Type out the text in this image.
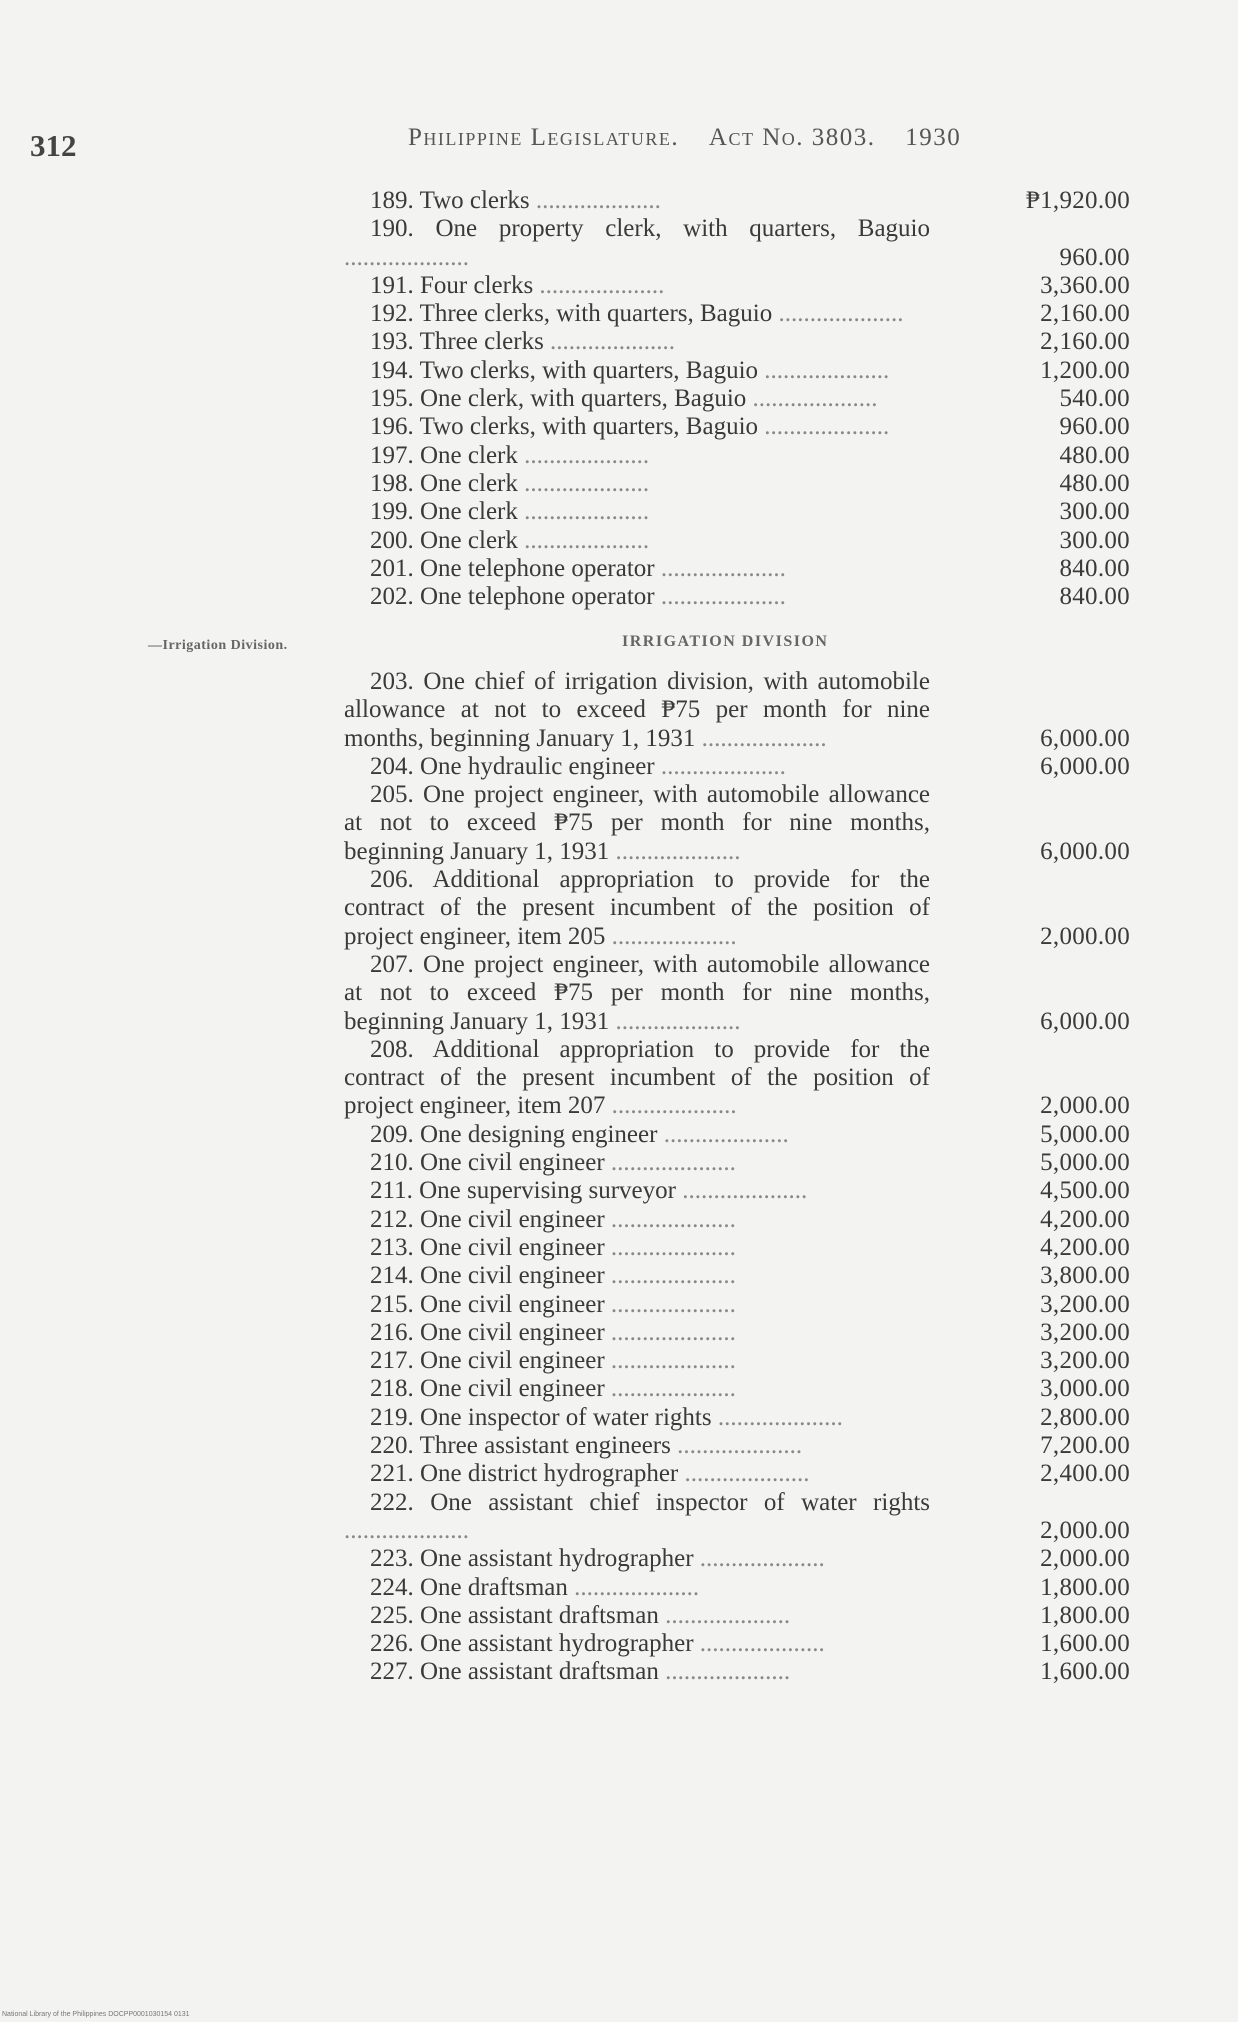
312	Philippine Legislature. Act No. 3803. 1930
189. Two clerks ....................	₱1,920.00
190. One property clerk, with quarters, Baguio ....................	960.00
191. Four clerks ....................	3,360.00
192. Three clerks, with quarters, Baguio ....................	2,160.00
193. Three clerks ....................	2,160.00
194. Two clerks, with quarters, Baguio ....................	1,200.00
195. One clerk, with quarters, Baguio ....................	540.00
196. Two clerks, with quarters, Baguio ....................	960.00
197. One clerk ....................	480.00
198. One clerk ....................	480.00
199. One clerk ....................	300.00
200. One clerk ....................	300.00
201. One telephone operator ....................	840.00
202. One telephone operator ....................	840.00
—Irrigation Division.	IRRIGATION DIVISION
203. One chief of irrigation division, with automobile allowance at not to exceed ₱75 per month for nine months, beginning January 1, 1931 ....................	6,000.00
204. One hydraulic engineer ....................	6,000.00
205. One project engineer, with automobile allowance at not to exceed ₱75 per month for nine months, beginning January 1, 1931 ....................	6,000.00
206. Additional appropriation to provide for the contract of the present incumbent of the position of project engineer, item 205 ....................	2,000.00
207. One project engineer, with automobile allowance at not to exceed ₱75 per month for nine months, beginning January 1, 1931 ....................	6,000.00
208. Additional appropriation to provide for the contract of the present incumbent of the position of project engineer, item 207 ....................	2,000.00
209. One designing engineer ....................	5,000.00
210. One civil engineer ....................	5,000.00
211. One supervising surveyor ....................	4,500.00
212. One civil engineer ....................	4,200.00
213. One civil engineer ....................	4,200.00
214. One civil engineer ....................	3,800.00
215. One civil engineer ....................	3,200.00
216. One civil engineer ....................	3,200.00
217. One civil engineer ....................	3,200.00
218. One civil engineer ....................	3,000.00
219. One inspector of water rights ....................	2,800.00
220. Three assistant engineers ....................	7,200.00
221. One district hydrographer ....................	2,400.00
222. One assistant chief inspector of water rights ....................	2,000.00
223. One assistant hydrographer ....................	2,000.00
224. One draftsman ....................	1,800.00
225. One assistant draftsman ....................	1,800.00
226. One assistant hydrographer ....................	1,600.00
227. One assistant draftsman ....................	1,600.00
National Library of the Philippines DOCPP0001030154 0131
